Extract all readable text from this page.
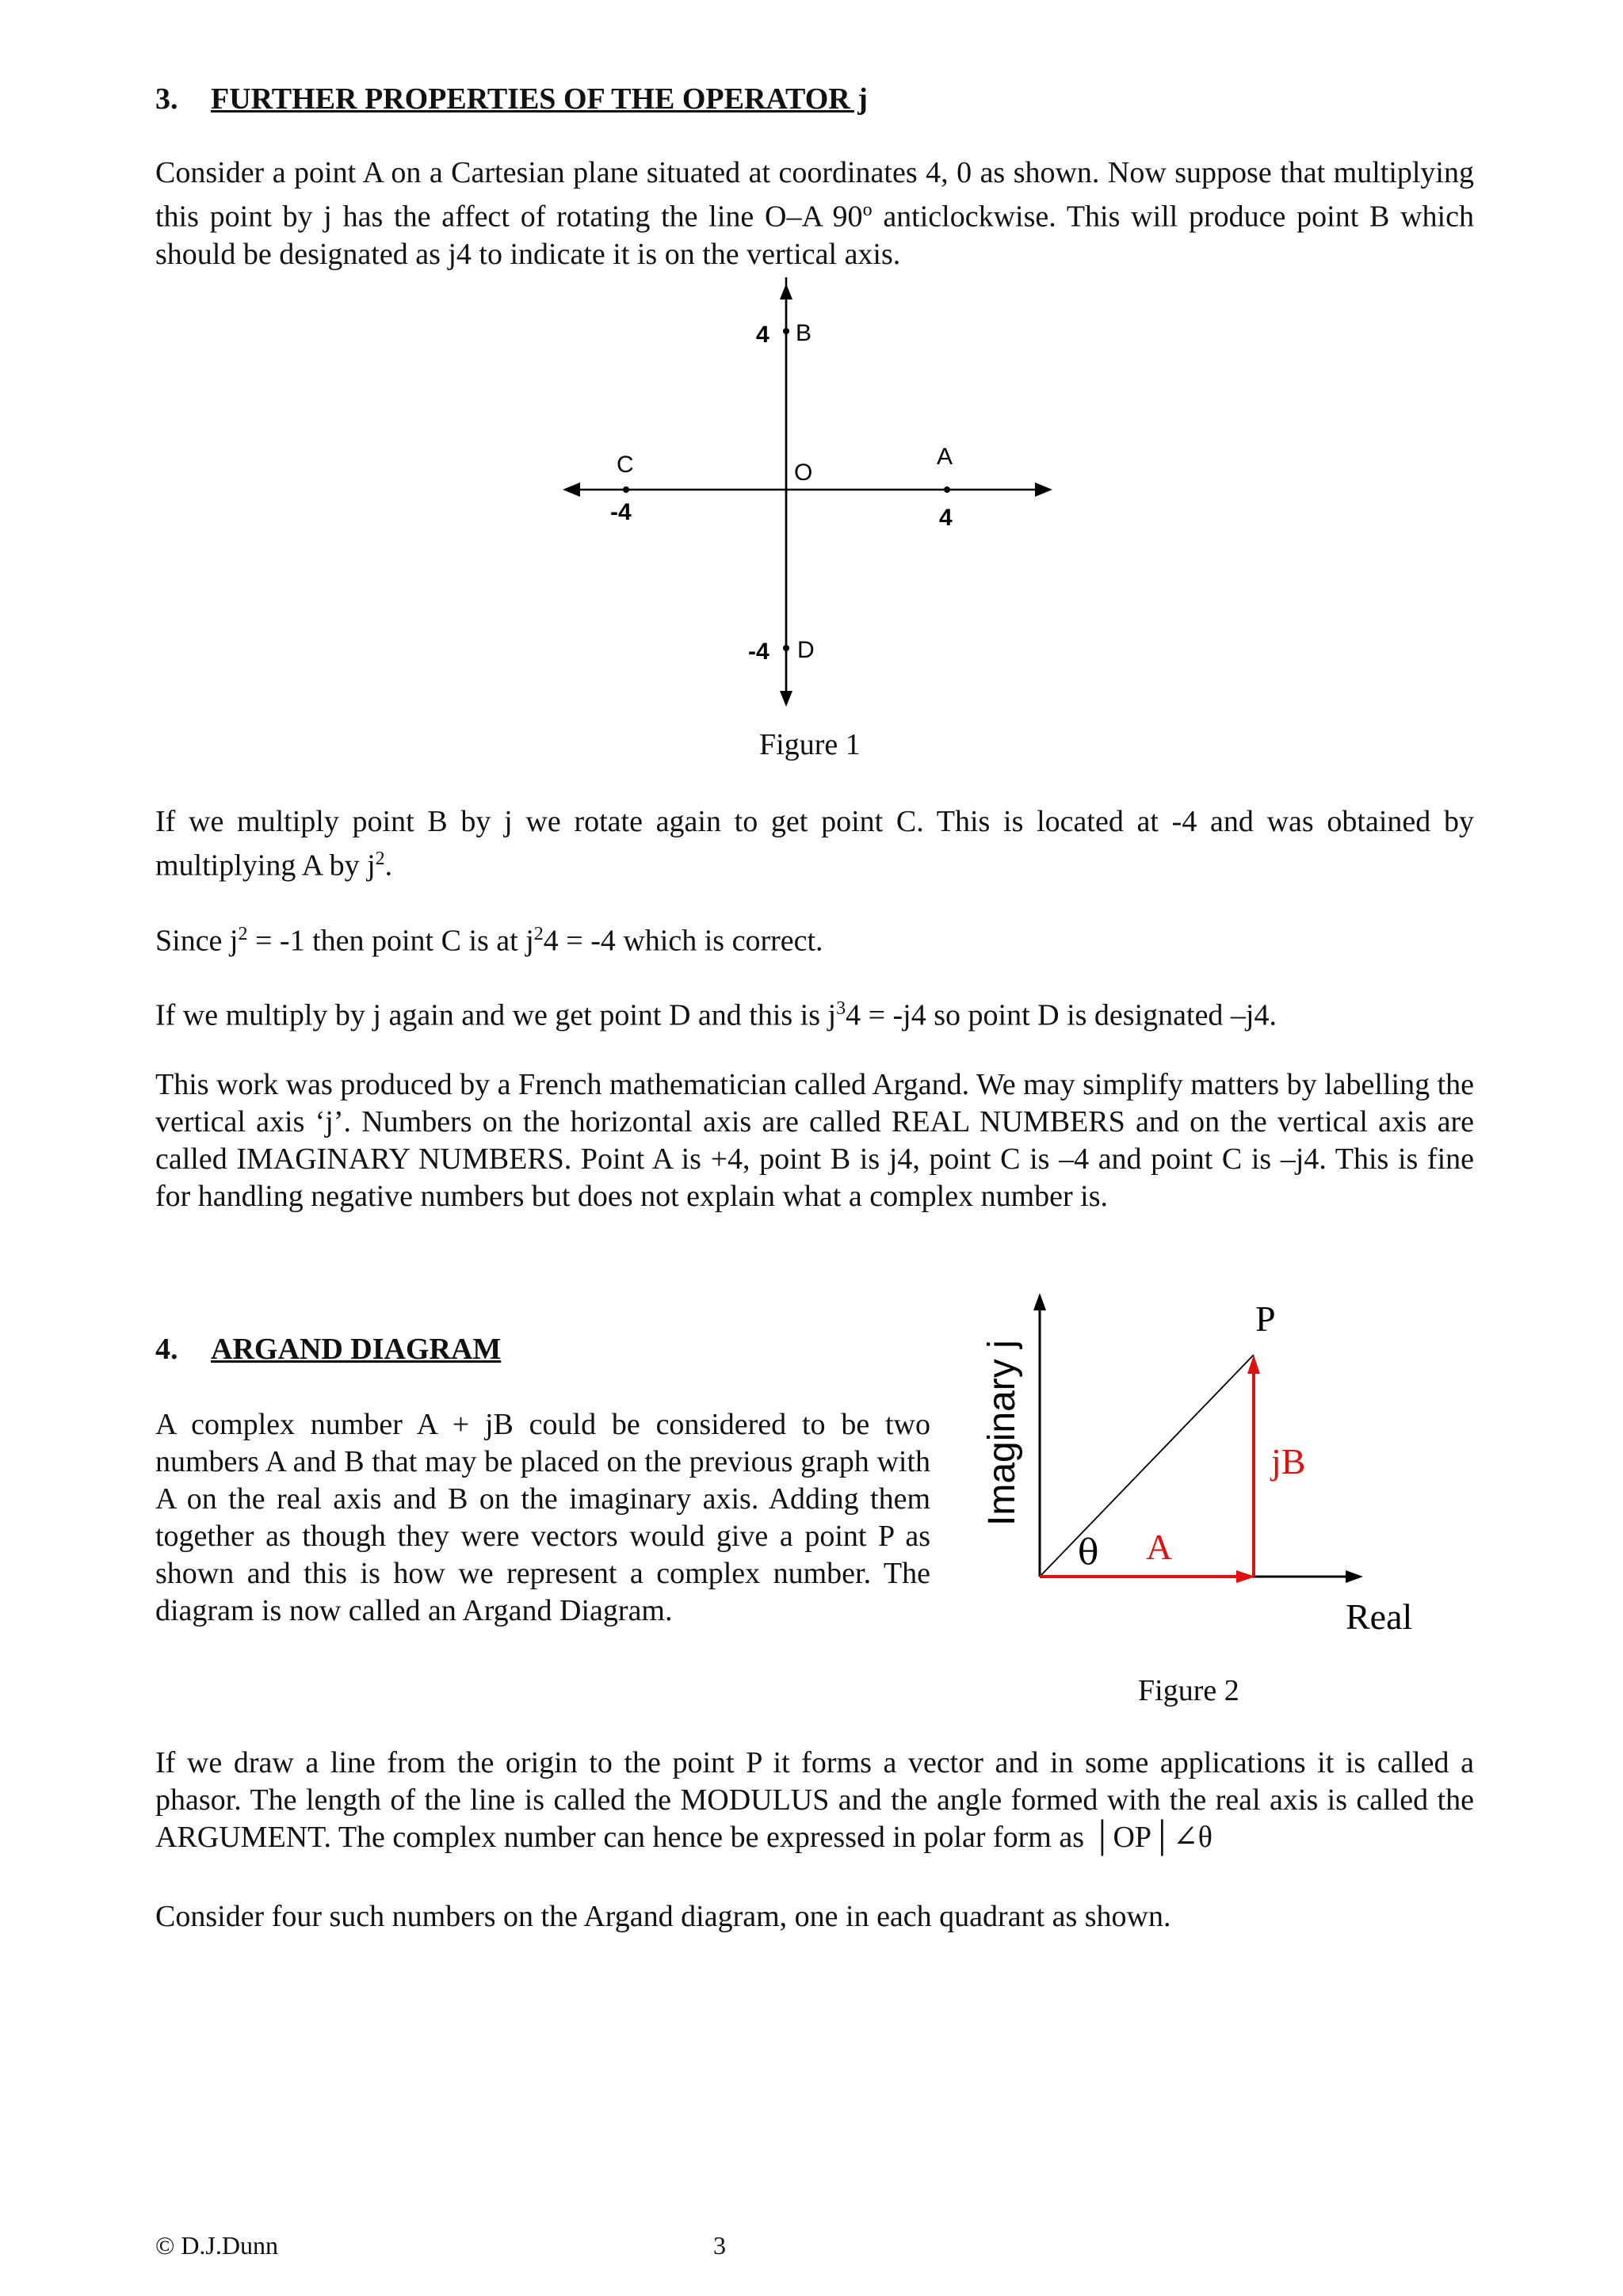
3. FURTHER PROPERTIES OF THE OPERATOR j
Consider a point A on a Cartesian plane situated at coordinates 4, 0 as shown. Now suppose that multiplying this point by j has the affect of rotating the line O–A 90$^o$ anticlockwise. This will produce point B which should be designated as j4 to indicate it is on the vertical axis.
B
4
O
A
4
C
-4
D
-4
Figure 1
If we multiply point B by j we rotate again to get point C. This is located at -4 and was obtained by multiplying A by $j^2$.
Since $j^2 = -1$ then point C is at $j^24 = -4$ which is correct.
If we multiply by j again and we get point D and this is $j^34 = -j4$ so point D is designated –j4.
This work was produced by a French mathematician called Argand. We may simplify matters by labelling the vertical axis ‘j’. Numbers on the horizontal axis are called REAL NUMBERS and on the vertical axis are called IMAGINARY NUMBERS. Point A is +4, point B is j4, point C is –4 and point C is –j4. This is fine for handling negative numbers but does not explain what a complex number is.
4. ARGAND DIAGRAM
A complex number A + jB could be considered to be two numbers A and B that may be placed on the previous graph with A on the real axis and B on the imaginary axis. Adding them together as though they were vectors would give a point P as shown and this is how we represent a complex number. The diagram is now called an Argand Diagram.
Imaginary j
Real
P
jB
A
θ
Figure 2
If we draw a line from the origin to the point P it forms a vector and in some applications it is called a phasor. The length of the line is called the MODULUS and the angle formed with the real axis is called the ARGUMENT. The complex number can hence be expressed in polar form as │OP│∠θ
Consider four such numbers on the Argand diagram, one in each quadrant as shown.
© D.J.Dunn	3
